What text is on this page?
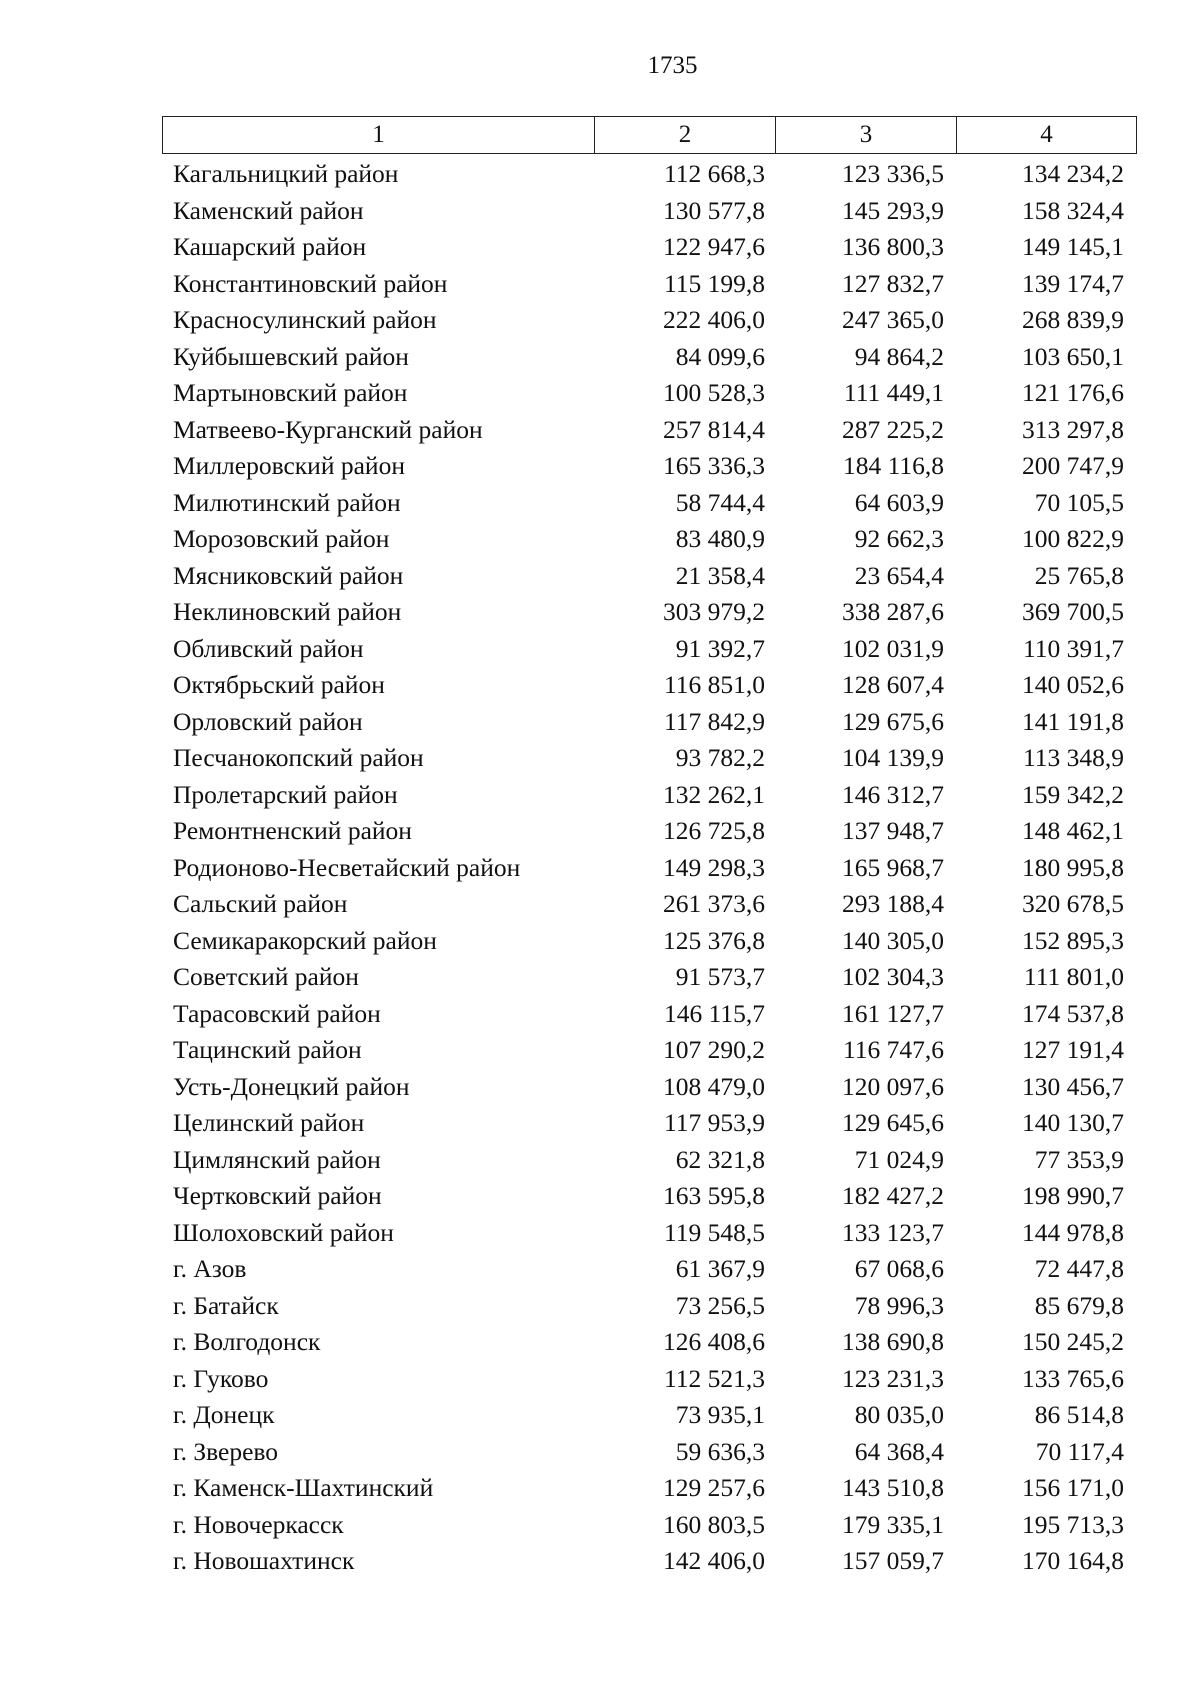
1735
1	2	3	4
Кагальницкий район	112 668,3	123 336,5	134 234,2
Каменский район	130 577,8	145 293,9	158 324,4
Кашарский район	122 947,6	136 800,3	149 145,1
Константиновский район	115 199,8	127 832,7	139 174,7
Красносулинский район	222 406,0	247 365,0	268 839,9
Куйбышевский район	84 099,6	94 864,2	103 650,1
Мартыновский район	100 528,3	111 449,1	121 176,6
Матвеево-Курганский район	257 814,4	287 225,2	313 297,8
Миллеровский район	165 336,3	184 116,8	200 747,9
Милютинский район	58 744,4	64 603,9	70 105,5
Морозовский район	83 480,9	92 662,3	100 822,9
Мясниковский район	21 358,4	23 654,4	25 765,8
Неклиновский район	303 979,2	338 287,6	369 700,5
Обливский район	91 392,7	102 031,9	110 391,7
Октябрьский район	116 851,0	128 607,4	140 052,6
Орловский район	117 842,9	129 675,6	141 191,8
Песчанокопский район	93 782,2	104 139,9	113 348,9
Пролетарский район	132 262,1	146 312,7	159 342,2
Ремонтненский район	126 725,8	137 948,7	148 462,1
Родионово-Несветайский район	149 298,3	165 968,7	180 995,8
Сальский район	261 373,6	293 188,4	320 678,5
Семикаракорский район	125 376,8	140 305,0	152 895,3
Советский район	91 573,7	102 304,3	111 801,0
Тарасовский район	146 115,7	161 127,7	174 537,8
Тацинский район	107 290,2	116 747,6	127 191,4
Усть-Донецкий район	108 479,0	120 097,6	130 456,7
Целинский район	117 953,9	129 645,6	140 130,7
Цимлянский район	62 321,8	71 024,9	77 353,9
Чертковский район	163 595,8	182 427,2	198 990,7
Шолоховский район	119 548,5	133 123,7	144 978,8
г. Азов	61 367,9	67 068,6	72 447,8
г. Батайск	73 256,5	78 996,3	85 679,8
г. Волгодонск	126 408,6	138 690,8	150 245,2
г. Гуково	112 521,3	123 231,3	133 765,6
г. Донецк	73 935,1	80 035,0	86 514,8
г. Зверево	59 636,3	64 368,4	70 117,4
г. Каменск-Шахтинский	129 257,6	143 510,8	156 171,0
г. Новочеркасск	160 803,5	179 335,1	195 713,3
г. Новошахтинск	142 406,0	157 059,7	170 164,8
